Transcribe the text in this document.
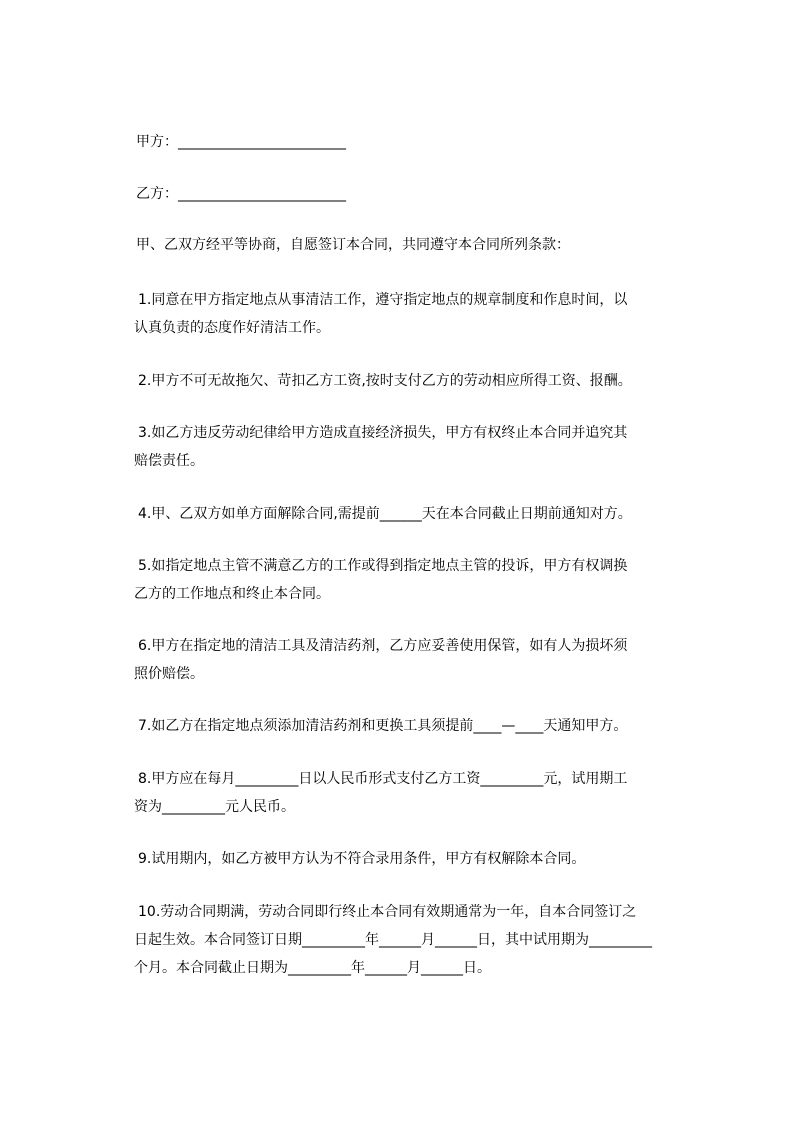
甲方：________________________
乙方：________________________
甲、乙双方经平等协商，自愿签订本合同，共同遵守本合同所列条款：
1.同意在甲方指定地点从事清洁工作，遵守指定地点的规章制度和作息时间，以
认真负责的态度作好清洁工作。
2.甲方不可无故拖欠、苛扣乙方工资,按时支付乙方的劳动相应所得工资、报酬。
3.如乙方违反劳动纪律给甲方造成直接经济损失，甲方有权终止本合同并追究其
赔偿责任。
4.甲、乙双方如单方面解除合同,需提前______天在本合同截止日期前通知对方。
5.如指定地点主管不满意乙方的工作或得到指定地点主管的投诉，甲方有权调换
乙方的工作地点和终止本合同。
6.甲方在指定地的清洁工具及清洁药剂，乙方应妥善使用保管，如有人为损坏须
照价赔偿。
7.如乙方在指定地点须添加清洁药剂和更换工具须提前____—____天通知甲方。
8.甲方应在每月_________日以人民币形式支付乙方工资_________元，试用期工
资为_________元人民币。
9.试用期内，如乙方被甲方认为不符合录用条件，甲方有权解除本合同。
10.劳动合同期满，劳动合同即行终止本合同有效期通常为一年，自本合同签订之
日起生效。本合同签订日期_________年______月______日，其中试用期为_________
个月。本合同截止日期为_________年______月______日。
